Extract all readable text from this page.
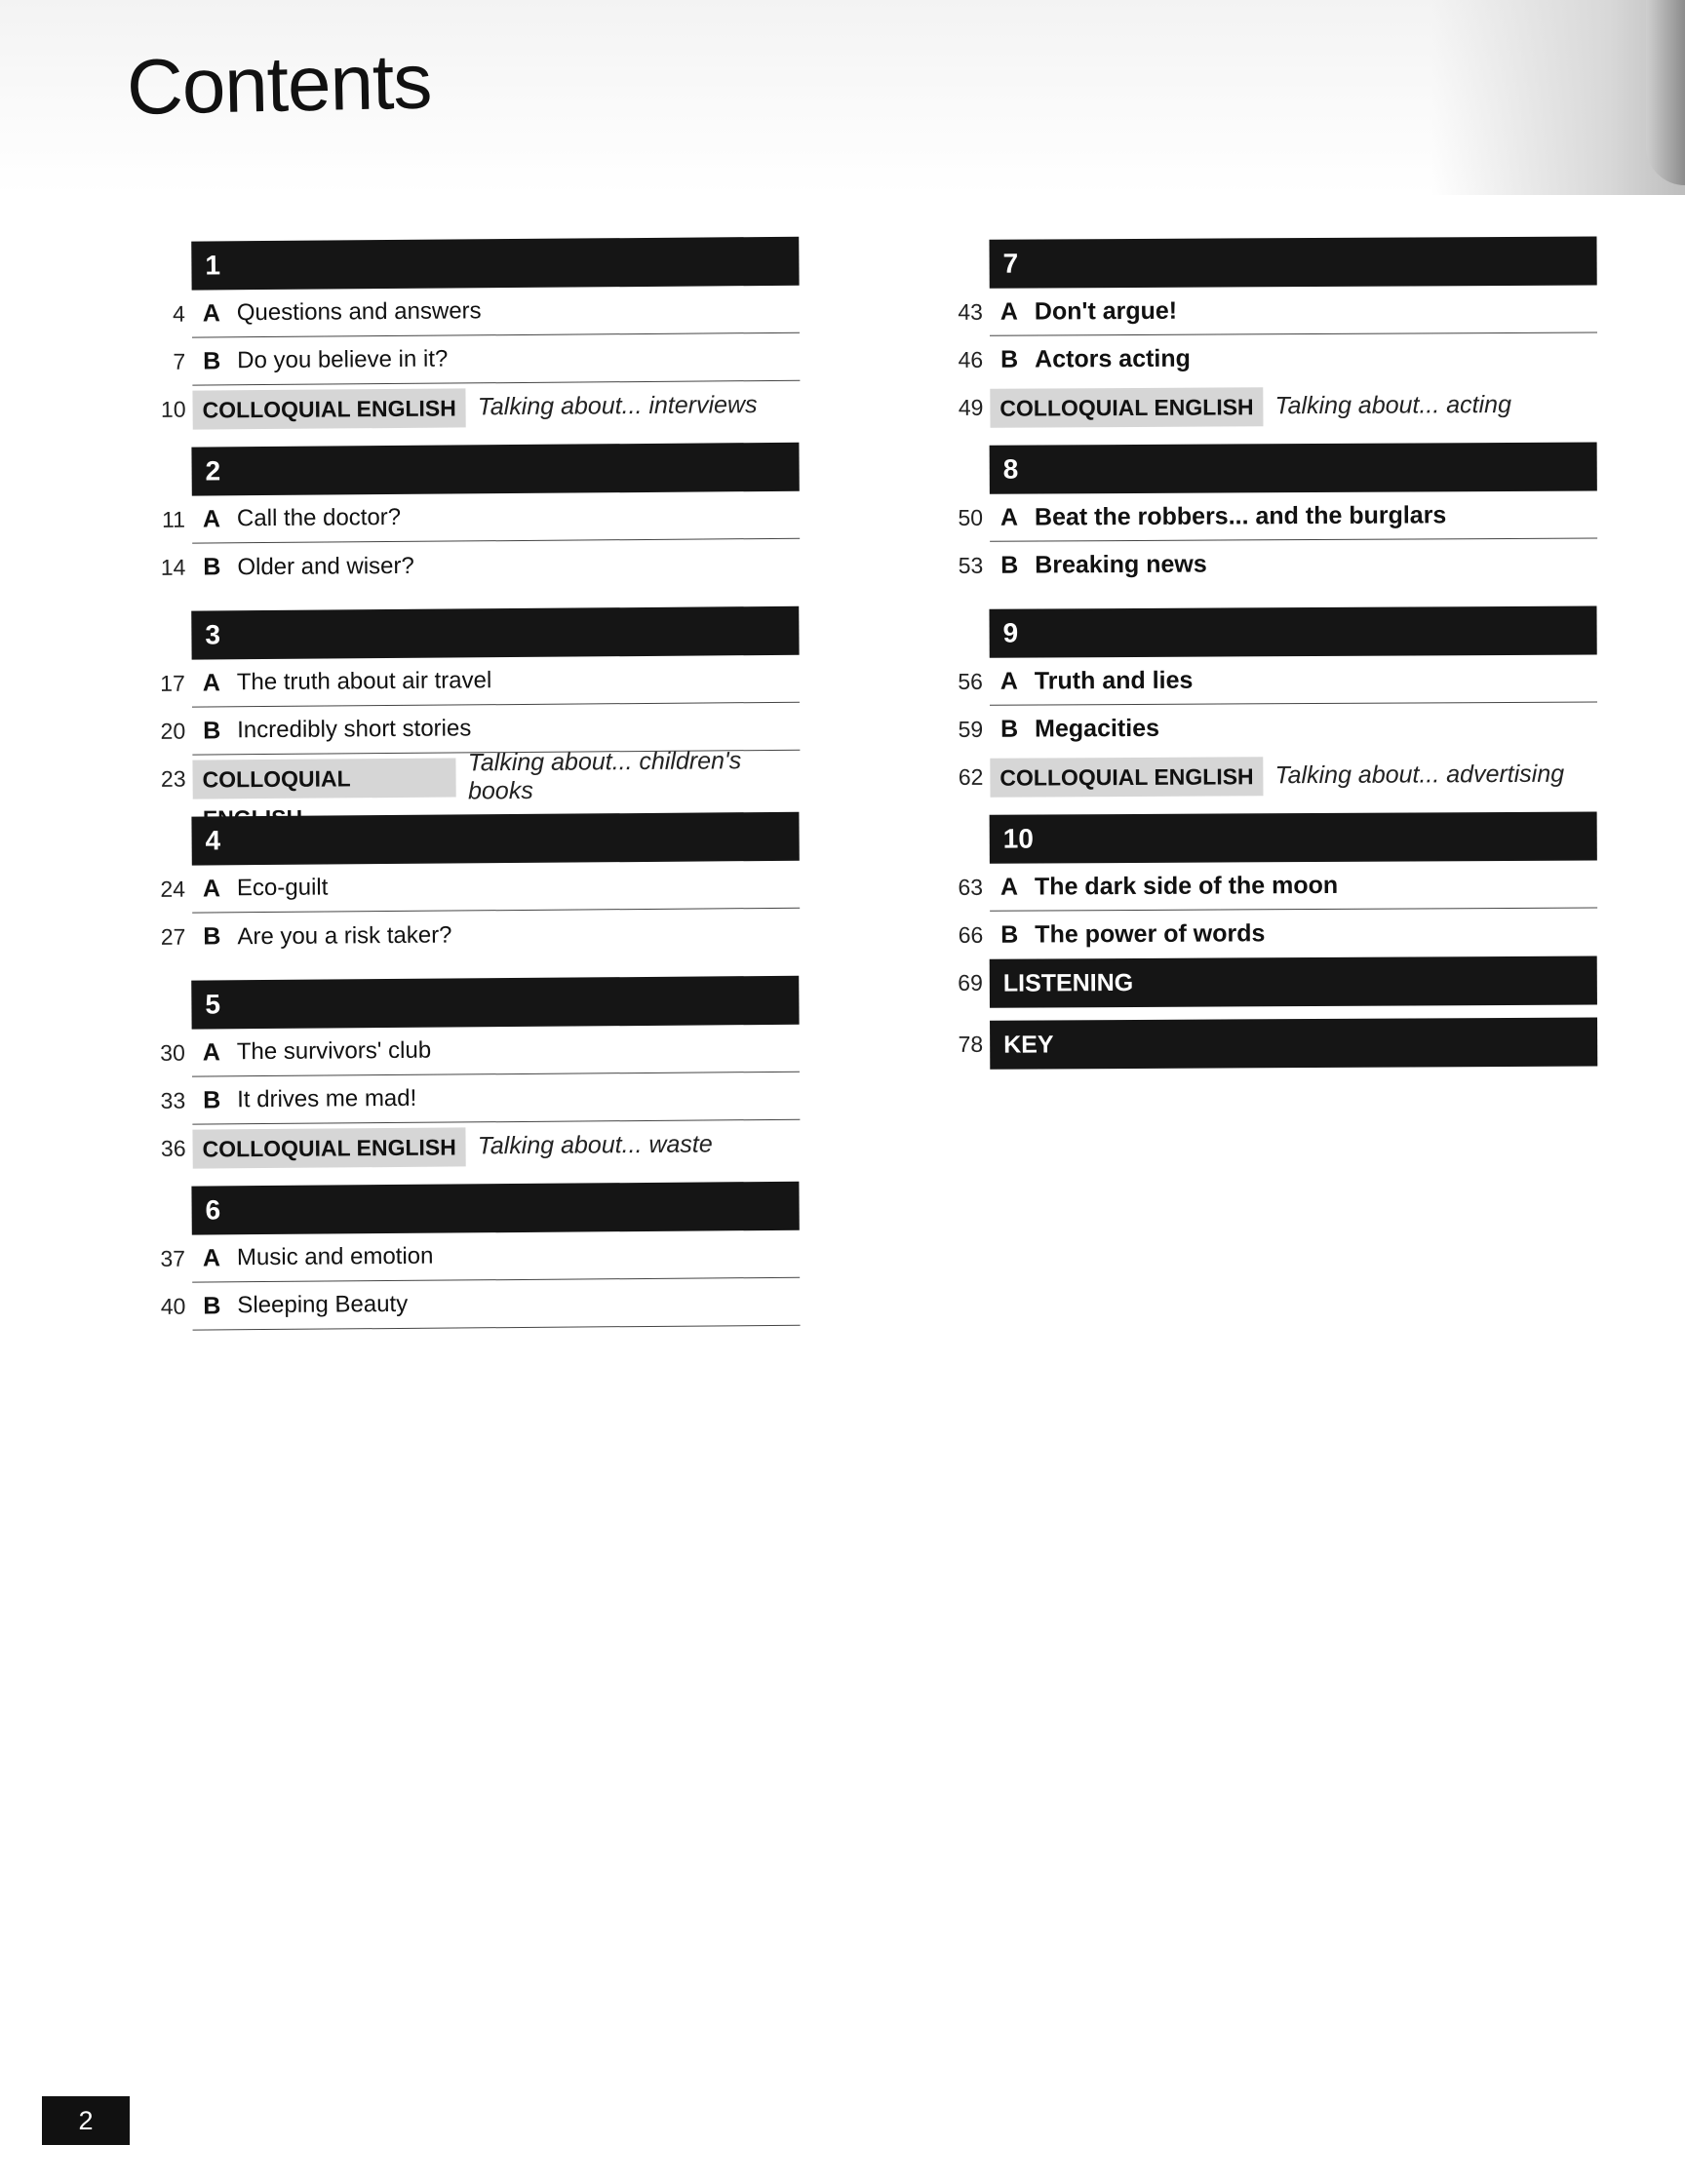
Contents
1
4 A Questions and answers
7 B Do you believe in it?
10 COLLOQUIAL ENGLISH Talking about... interviews
2
11 A Call the doctor?
14 B Older and wiser?
3
17 A The truth about air travel
20 B Incredibly short stories
23 COLLOQUIAL
Talking about... children's books
4
24 A Eco-guilt
27 B Are you a risk taker?
5
30 A The survivors' club
33 B It drives me mad!
36 COLLOQUIAL ENGLISH Talking about... waste
6
37 A Music and emotion
40 B Sleeping Beauty
7
43 A Don't argue!
46 B Actors acting
49 COLLOQUIAL ENGLISH Talking about... acting
8
50 A Beat the robbers... and the burglars
53 B Breaking news
9
56 A Truth and lies
59 B Megacities
62 COLLOQUIAL ENGLISH Talking about... advertising
10
63 A The dark side of the moon
66 B The power of words
69 LISTENING
78 KEY
2
